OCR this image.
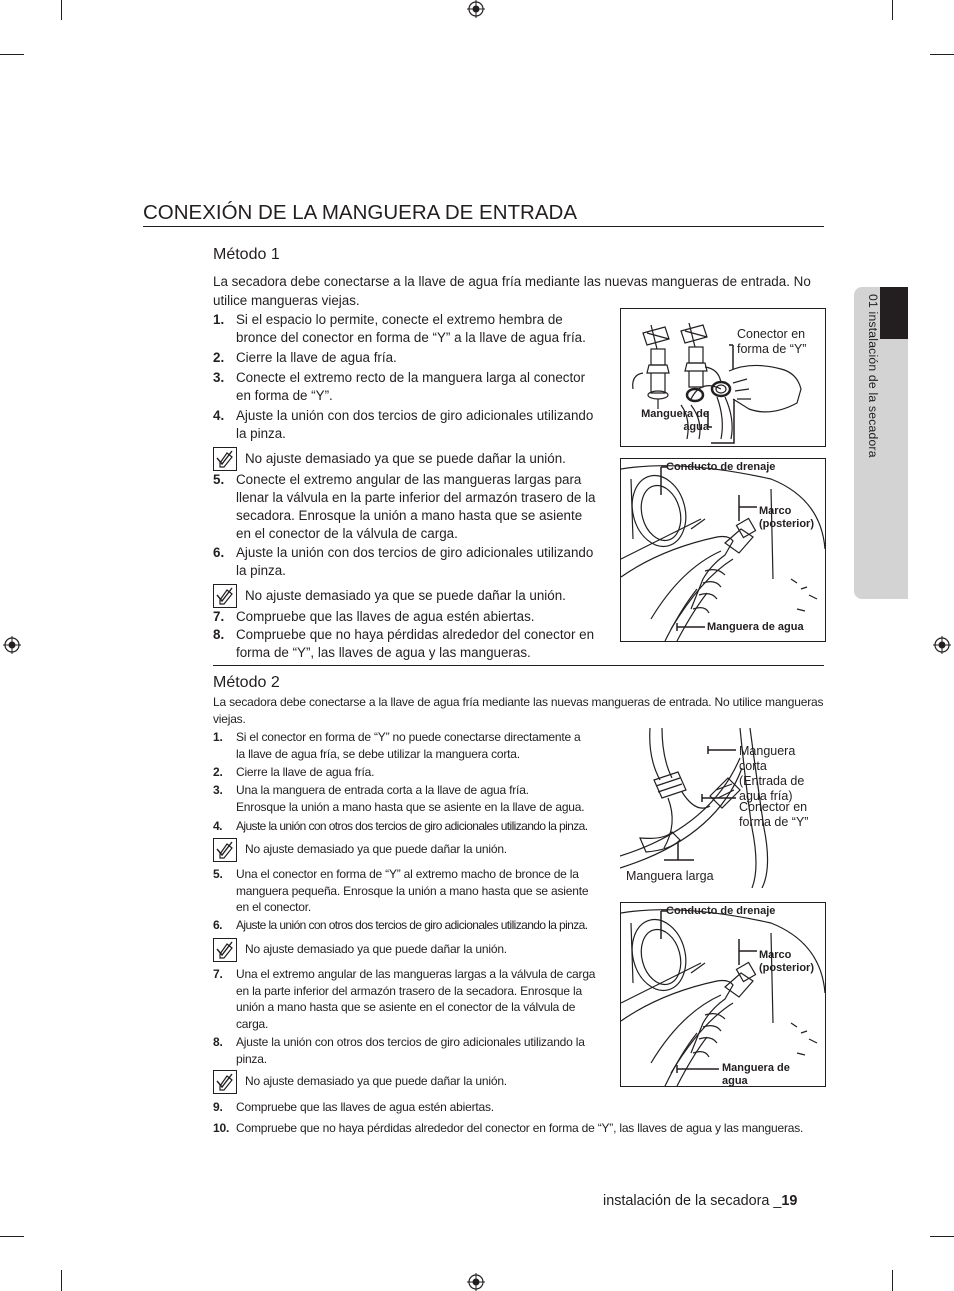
01 instalación de la secadora
CONEXIÓN DE LA MANGUERA DE ENTRADA
Método 1
La secadora debe conectarse a la llave de agua fría mediante las nuevas mangueras de entrada. No utilice mangueras viejas.
1. Si el espacio lo permite, conecte el extremo hembra de
bronce del conector en forma de “Y” a la llave de agua fría.
2. Cierre la llave de agua fría.
3. Conecte el extremo recto de la manguera larga al conector
en forma de “Y”.
4. Ajuste la unión con dos tercios de giro adicionales utilizando
la pinza.
5. Conecte el extremo angular de las mangueras largas para
llenar la válvula en la parte inferior del armazón trasero de la
secadora. Enrosque la unión a mano hasta que se asiente
en el conector de la válvula de carga.
6. Ajuste la unión con dos tercios de giro adicionales utilizando
la pinza.
7. Compruebe que las llaves de agua estén abiertas.
8. Compruebe que no haya pérdidas alrededor del conector en
forma de “Y”, las llaves de agua y las mangueras.
No ajuste demasiado ya que se puede dañar la unión.
No ajuste demasiado ya que se puede dañar la unión.
Conector en
forma de “Y”
Manguera de
agua
Conducto de drenaje
Marco
(posterior)
Manguera de agua
Método 2
La secadora debe conectarse a la llave de agua fría mediante las nuevas mangueras de entrada. No utilice mangueras viejas.
1. Si el conector en forma de “Y” no puede conectarse directamente a
la llave de agua fría, se debe utilizar la manguera corta.
2. Cierre la llave de agua fría.
3. Una la manguera de entrada corta a la llave de agua fría.
Enrosque la unión a mano hasta que se asiente en la llave de agua.
4. Ajuste la unión con otros dos tercios de giro adicionales utilizando la pinza.
5. Una el conector en forma de “Y” al extremo macho de bronce de la
manguera pequeña. Enrosque la unión a mano hasta que se asiente
en el conector.
6. Ajuste la unión con otros dos tercios de giro adicionales utilizando la pinza.
7. Una el extremo angular de las mangueras largas a la válvula de carga
en la parte inferior del armazón trasero de la secadora. Enrosque la
unión a mano hasta que se asiente en el conector de la válvula de
carga.
8. Ajuste la unión con otros dos tercios de giro adicionales utilizando la
pinza.
9. Compruebe que las llaves de agua estén abiertas.
10. Compruebe que no haya pérdidas alrededor del conector en forma de “Y”, las llaves de agua y las mangueras.
No ajuste demasiado ya que puede dañar la unión.
No ajuste demasiado ya que puede dañar la unión.
No ajuste demasiado ya que puede dañar la unión.
Manguera corta
(Entrada de
agua fría)
Conector en
forma de “Y”
Manguera larga
Conducto de drenaje
Marco
(posterior)
Manguera de
agua
instalación de la secadora _19
